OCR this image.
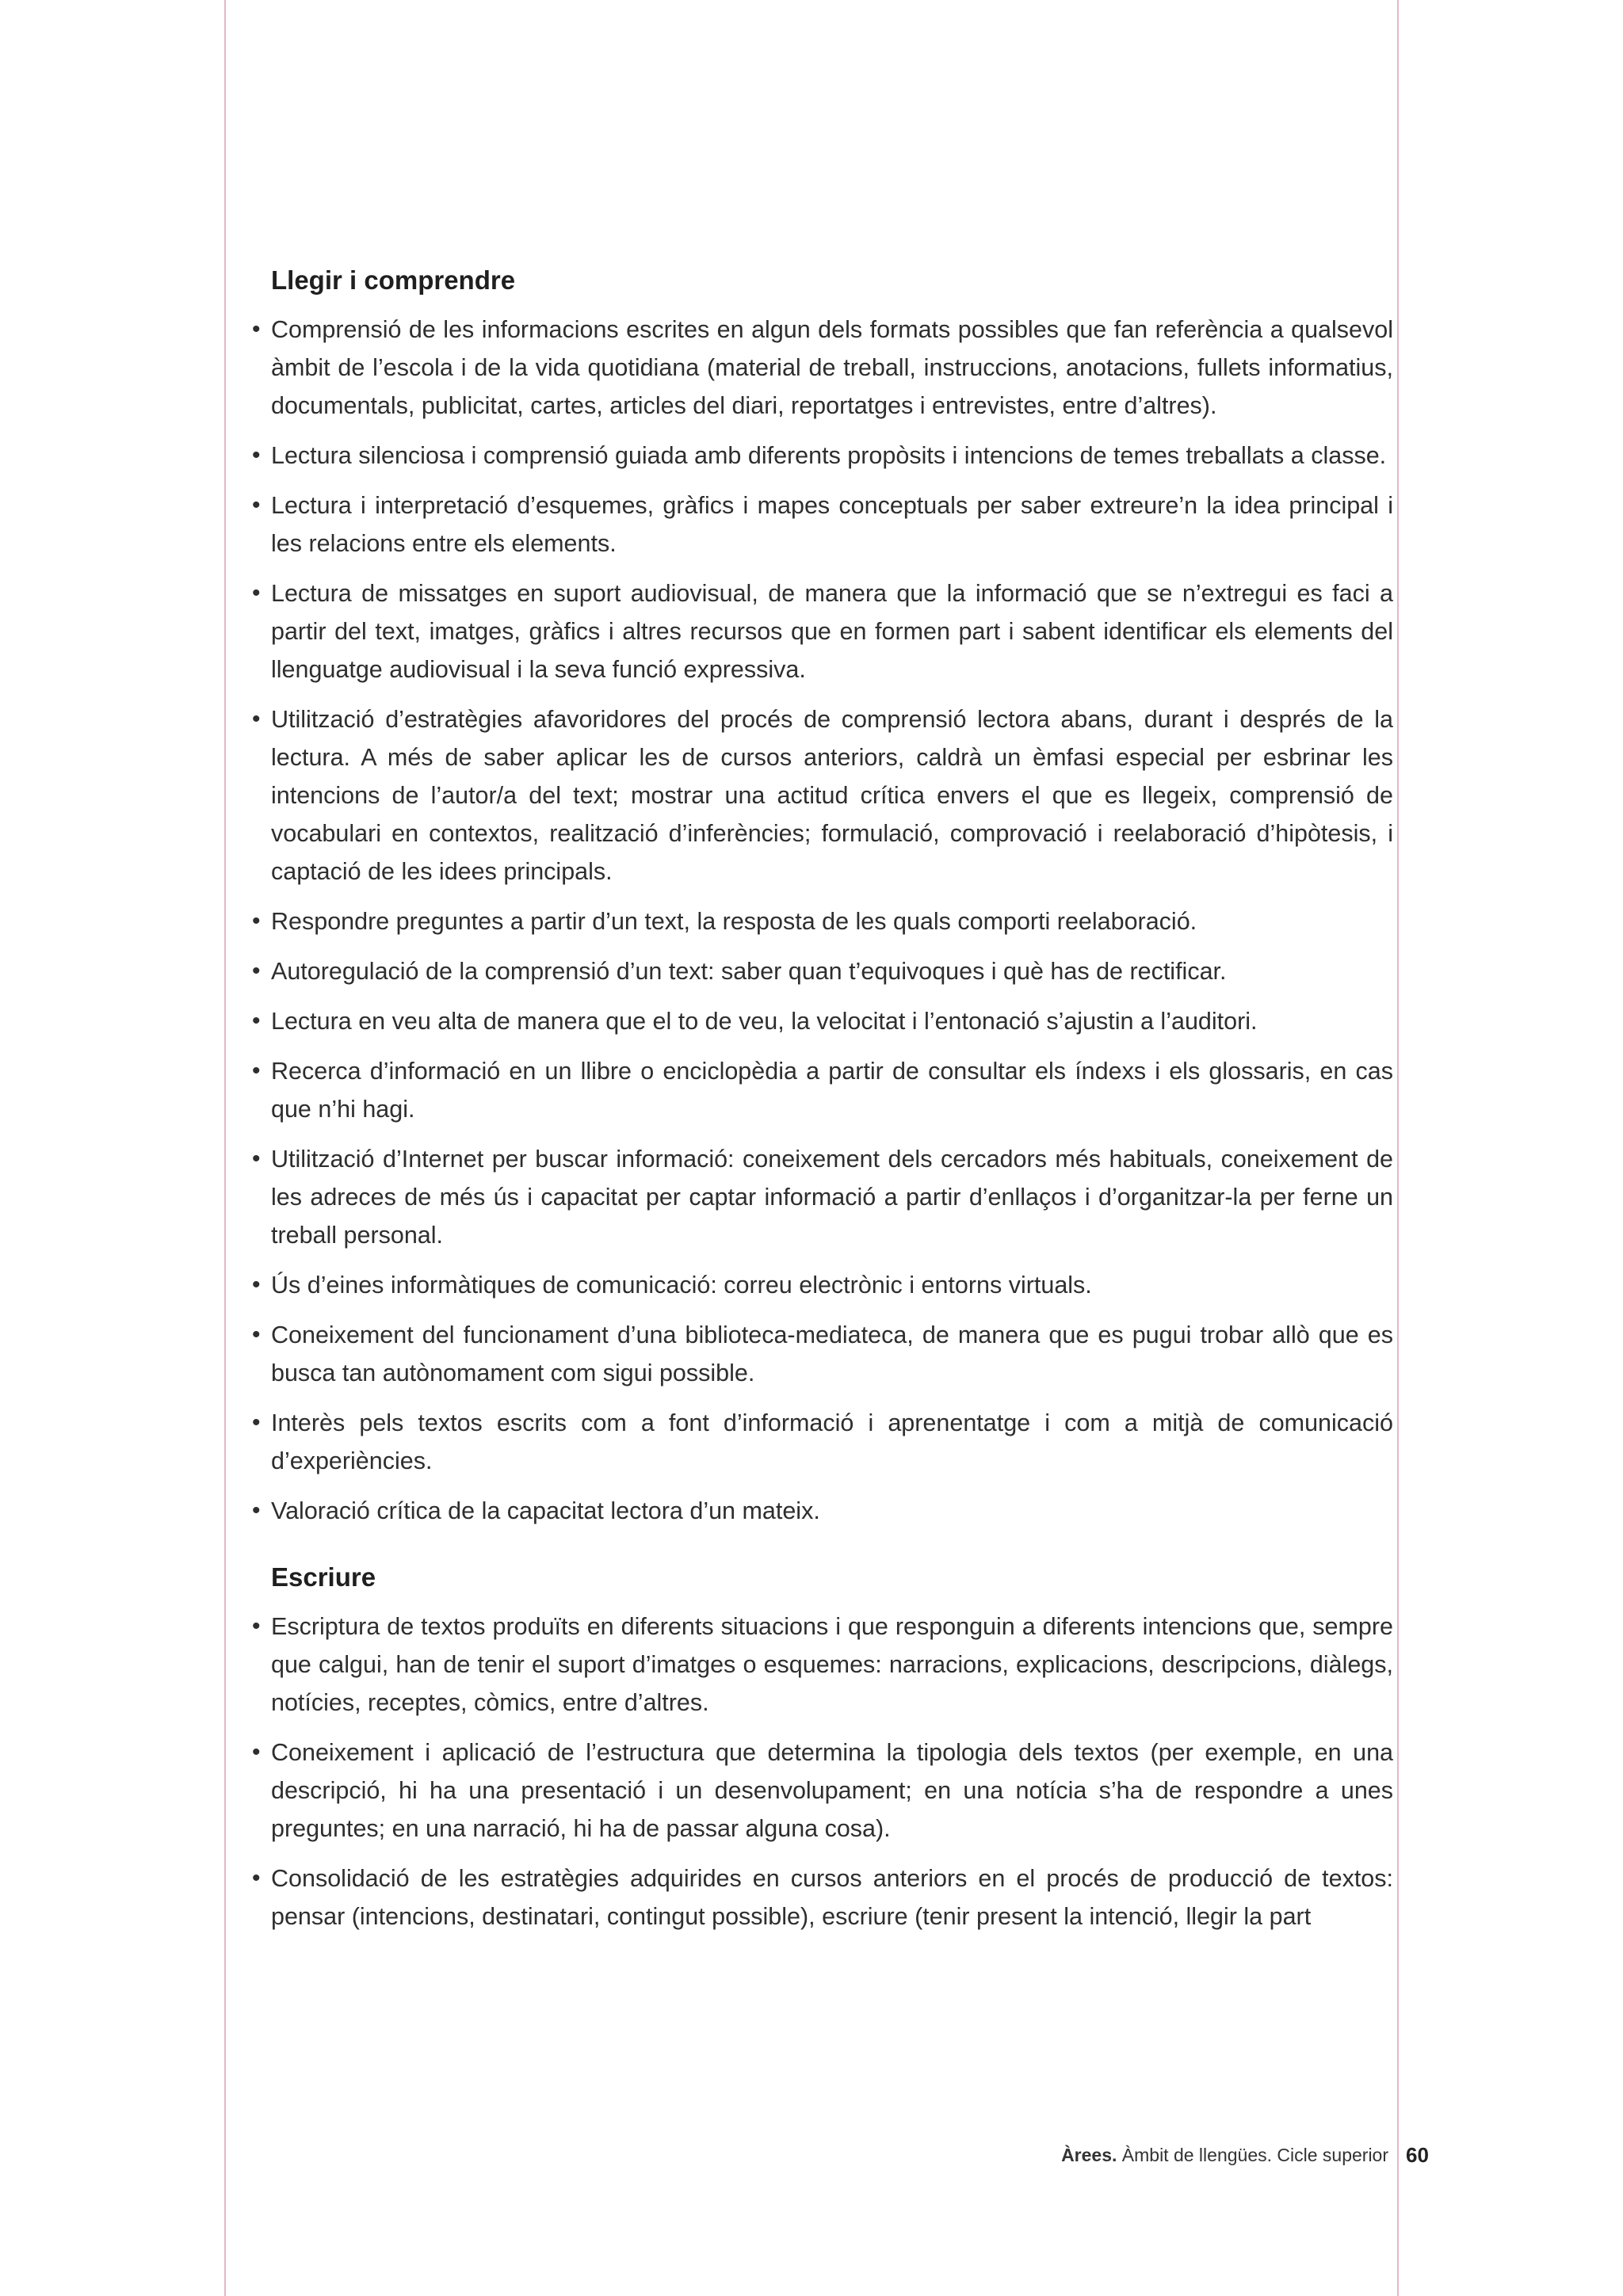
Llegir i comprendre
• Comprensió de les informacions escrites en algun dels formats possibles que fan referència a qualsevol àmbit de l’escola i de la vida quotidiana (material de treball, instruccions, anotacions, fullets informatius, documentals, publicitat, cartes, articles del diari, reportatges i entrevistes, entre d’altres).
• Lectura silenciosa i comprensió guiada amb diferents propòsits i intencions de temes treballats a classe.
• Lectura i interpretació d’esquemes, gràfics i mapes conceptuals per saber extreure’n la idea principal i les relacions entre els elements.
• Lectura de missatges en suport audiovisual, de manera que la informació que se n’extregui es faci a partir del text, imatges, gràfics i altres recursos que en formen part i sabent identificar els elements del llenguatge audiovisual i la seva funció expressiva.
• Utilització d’estratègies afavoridores del procés de comprensió lectora abans, durant i després de la lectura. A més de saber aplicar les de cursos anteriors, caldrà un èmfasi especial per esbrinar les intencions de l’autor/a del text; mostrar una actitud crítica envers el que es llegeix, comprensió de vocabulari en contextos, realització d’inferències; formulació, comprovació i reelaboració d’hipòtesis, i captació de les idees principals.
• Respondre preguntes a partir d’un text, la resposta de les quals comporti reelaboració.
• Autoregulació de la comprensió d’un text: saber quan t’equivoques i què has de rectificar.
• Lectura en veu alta de manera que el to de veu, la velocitat i l’entonació s’ajustin a l’auditori.
• Recerca d’informació en un llibre o enciclopèdia a partir de consultar els índexs i els glossaris, en cas que n’hi hagi.
• Utilització d’Internet per buscar informació: coneixement dels cercadors més habituals, coneixement de les adreces de més ús i capacitat per captar informació a partir d’enllaços i d’organitzar-la per ferne un treball personal.
• Ús d’eines informàtiques de comunicació: correu electrònic i entorns virtuals.
• Coneixement del funcionament d’una biblioteca-mediateca, de manera que es pugui trobar allò que es busca tan autònomament com sigui possible.
• Interès pels textos escrits com a font d’informació i aprenentatge i com a mitjà de comunicació d’experiències.
• Valoració crítica de la capacitat lectora d’un mateix.
Escriure
• Escriptura de textos produïts en diferents situacions i que responguin a diferents intencions que, sempre que calgui, han de tenir el suport d’imatges o esquemes: narracions, explicacions, descripcions, diàlegs, notícies, receptes, còmics, entre d’altres.
• Coneixement i aplicació de l’estructura que determina la tipologia dels textos (per exemple, en una descripció, hi ha una presentació i un desenvolupament; en una notícia s’ha de respondre a unes preguntes; en una narració, hi ha de passar alguna cosa).
• Consolidació de les estratègies adquirides en cursos anteriors en el procés de producció de textos: pensar (intencions, destinatari, contingut possible), escriure (tenir present la intenció, llegir la part
Àrees. Àmbit de llengües. Cicle superior 60
